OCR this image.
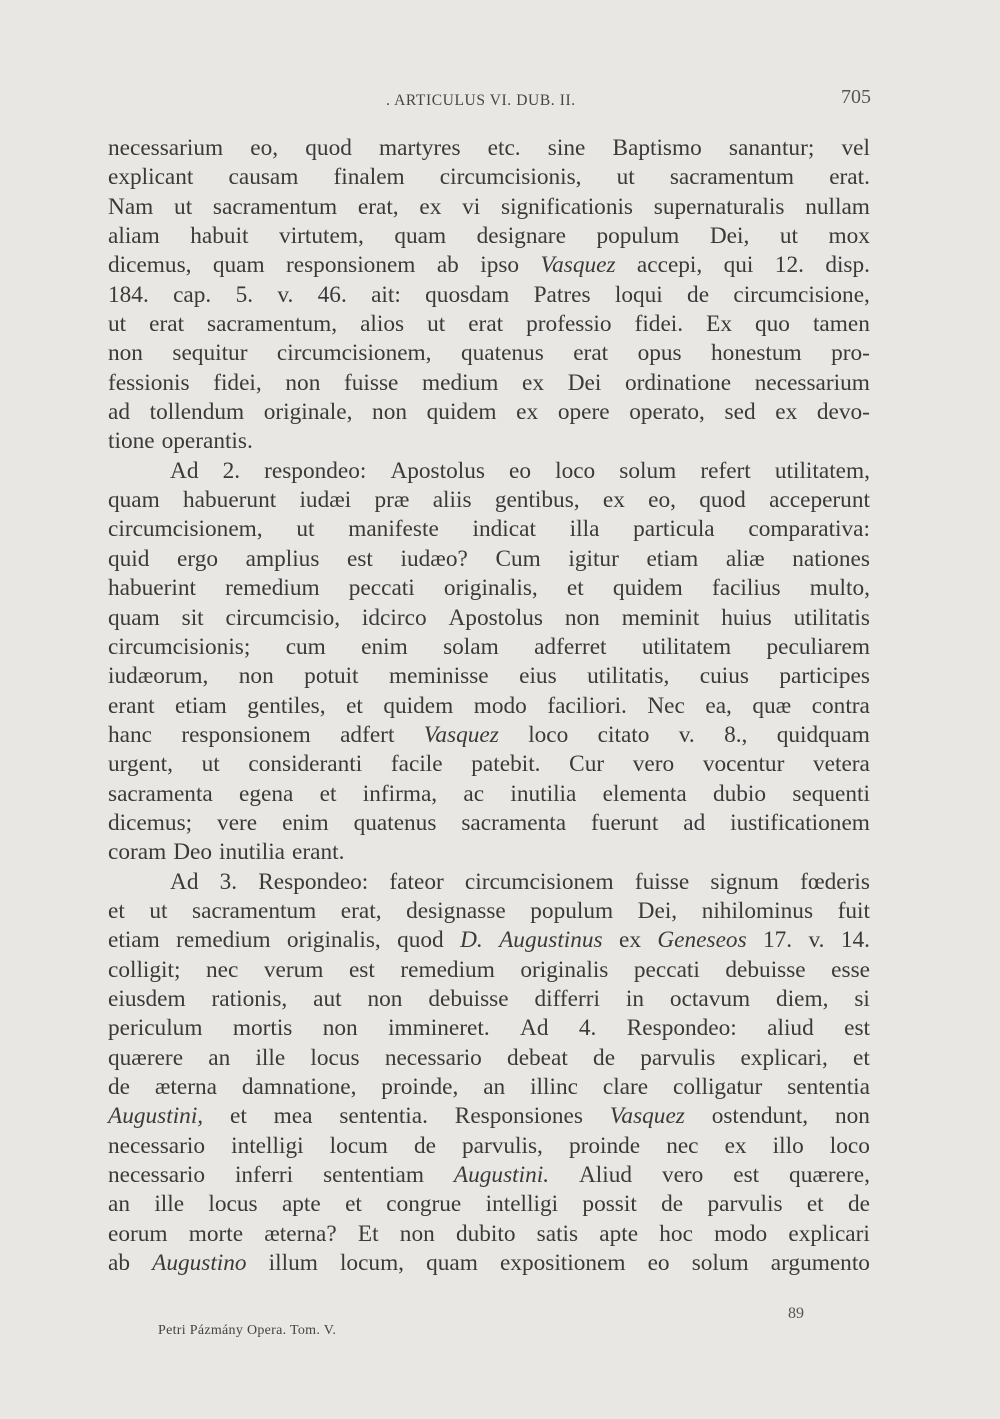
. ARTICULUS VI. DUB. II.	705
necessarium eo, quod martyres etc. sine Baptismo sanantur; vel
explicant causam finalem circumcisionis, ut sacramentum erat.
Nam ut sacramentum erat, ex vi significationis supernaturalis nullam
aliam habuit virtutem, quam designare populum Dei, ut mox
dicemus, quam responsionem ab ipso Vasquez accepi, qui 12. disp.
184. cap. 5. v. 46. ait: quosdam Patres loqui de circumcisione,
ut erat sacramentum, alios ut erat professio fidei. Ex quo tamen
non sequitur circumcisionem, quatenus erat opus honestum pro-
fessionis fidei, non fuisse medium ex Dei ordinatione necessarium
ad tollendum originale, non quidem ex opere operato, sed ex devo-
tione operantis.
Ad 2. respondeo: Apostolus eo loco solum refert utilitatem,
quam habuerunt iudæi præ aliis gentibus, ex eo, quod acceperunt
circumcisionem, ut manifeste indicat illa particula comparativa:
quid ergo amplius est iudæo? Cum igitur etiam aliæ nationes
habuerint remedium peccati originalis, et quidem facilius multo,
quam sit circumcisio, idcirco Apostolus non meminit huius utilitatis
circumcisionis; cum enim solam adferret utilitatem peculiarem
iudæorum, non potuit meminisse eius utilitatis, cuius participes
erant etiam gentiles, et quidem modo faciliori. Nec ea, quæ contra
hanc responsionem adfert Vasquez loco citato v. 8., quidquam
urgent, ut consideranti facile patebit. Cur vero vocentur vetera
sacramenta egena et infirma, ac inutilia elementa dubio sequenti
dicemus; vere enim quatenus sacramenta fuerunt ad iustificationem
coram Deo inutilia erant.
Ad 3. Respondeo: fateor circumcisionem fuisse signum fœderis
et ut sacramentum erat, designasse populum Dei, nihilominus fuit
etiam remedium originalis, quod D. Augustinus ex Geneseos 17. v. 14.
colligit; nec verum est remedium originalis peccati debuisse esse
eiusdem rationis, aut non debuisse differri in octavum diem, si
periculum mortis non immineret. Ad 4. Respondeo: aliud est
quærere an ille locus necessario debeat de parvulis explicari, et
de æterna damnatione, proinde, an illinc clare colligatur sententia
Augustini, et mea sententia. Responsiones Vasquez ostendunt, non
necessario intelligi locum de parvulis, proinde nec ex illo loco
necessario inferri sententiam Augustini. Aliud vero est quærere,
an ille locus apte et congrue intelligi possit de parvulis et de
eorum morte æterna? Et non dubito satis apte hoc modo explicari
ab Augustino illum locum, quam expositionem eo solum argumento
89
Petri Pázmány Opera. Tom. V.
